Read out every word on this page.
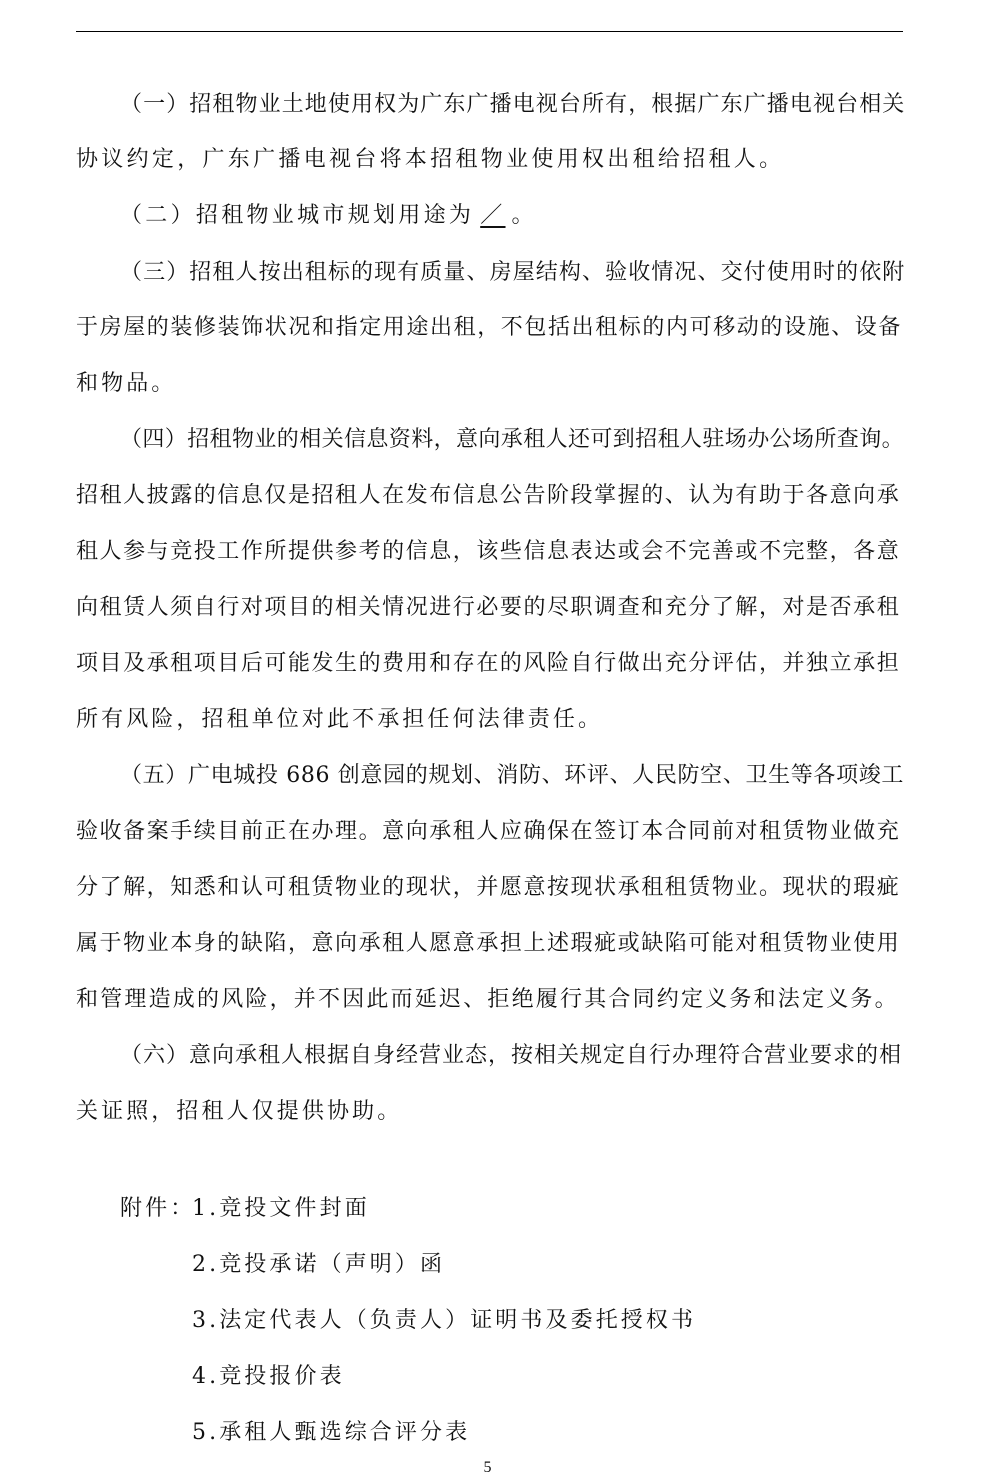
（一）招租物业土地使用权为广东广播电视台所有，根据广东广播电视台相关
协议约定，广东广播电视台将本招租物业使用权出租给招租人。
（二）招租物业城市规划用途为 ／ 。
（三）招租人按出租标的现有质量、房屋结构、验收情况、交付使用时的依附
于房屋的装修装饰状况和指定用途出租，不包括出租标的内可移动的设施、设备
和物品。
（四）招租物业的相关信息资料，意向承租人还可到招租人驻场办公场所查询。
招租人披露的信息仅是招租人在发布信息公告阶段掌握的、认为有助于各意向承
租人参与竞投工作所提供参考的信息，该些信息表达或会不完善或不完整，各意
向租赁人须自行对项目的相关情况进行必要的尽职调查和充分了解，对是否承租
项目及承租项目后可能发生的费用和存在的风险自行做出充分评估，并独立承担
所有风险，招租单位对此不承担任何法律责任。
（五）广电城投 686 创意园的规划、消防、环评、人民防空、卫生等各项竣工
验收备案手续目前正在办理。意向承租人应确保在签订本合同前对租赁物业做充
分了解，知悉和认可租赁物业的现状，并愿意按现状承租租赁物业。现状的瑕疵
属于物业本身的缺陷，意向承租人愿意承担上述瑕疵或缺陷可能对租赁物业使用
和管理造成的风险，并不因此而延迟、拒绝履行其合同约定义务和法定义务。
（六）意向承租人根据自身经营业态，按相关规定自行办理符合营业要求的相
关证照，招租人仅提供协助。
附件：
1.竞投文件封面
2.竞投承诺（声明）函
3.法定代表人（负责人）证明书及委托授权书
4.竞投报价表
5.承租人甄选综合评分表
5
